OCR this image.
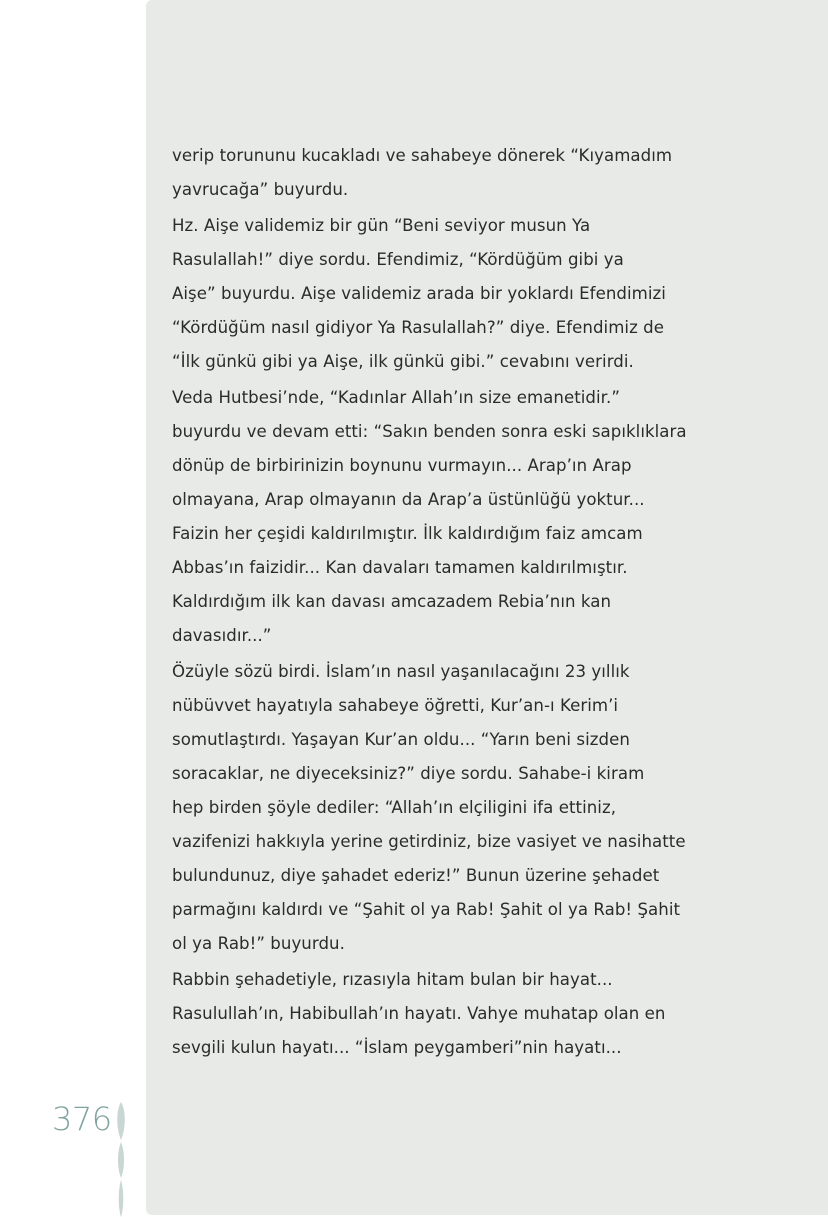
verip torununu kucakladı ve sahabeye dönerek “Kıyamadım
yavrucağa” buyurdu.

Hz. Aişe validemiz bir gün “Beni seviyor musun Ya
Rasulallah!” diye sordu. Efendimiz, “Kördüğüm gibi ya
Aişe” buyurdu. Aişe validemiz arada bir yoklardı Efendimizi
“Kördüğüm nasıl gidiyor Ya Rasulallah?” diye. Efendimiz de
“İlk günkü gibi ya Aişe, ilk günkü gibi.” cevabını verirdi.

Veda Hutbesi’nde, “Kadınlar Allah’ın size emanetidir.”
buyurdu ve devam etti: “Sakın benden sonra eski sapıklıklara
dönüp de birbirinizin boynunu vurmayın... Arap’ın Arap
olmayana, Arap olmayanın da Arap’a üstünlüğü yoktur...
Faizin her çeşidi kaldırılmıştır. İlk kaldırdığım faiz amcam
Abbas’ın faizidir... Kan davaları tamamen kaldırılmıştır.
Kaldırdığım ilk kan davası amcazadem Rebia’nın kan
davasıdır...”

Özüyle sözü birdi. İslam’ın nasıl yaşanılacağını 23 yıllık
nübüvvet hayatıyla sahabeye öğretti, Kur’an-ı Kerim’i
somutlaştırdı. Yaşayan Kur’an oldu... “Yarın beni sizden
soracaklar, ne diyeceksiniz?” diye sordu. Sahabe-i kiram
hep birden şöyle dediler: “Allah’ın elçiligini ifa ettiniz,
vazifenizi hakkıyla yerine getirdiniz, bize vasiyet ve nasihatte
bulundunuz, diye şahadet ederiz!” Bunun üzerine şehadet
parmağını kaldırdı ve “Şahit ol ya Rab! Şahit ol ya Rab! Şahit
ol ya Rab!” buyurdu.

Rabbin şehadetiyle, rızasıyla hitam bulan bir hayat...
Rasulullah’ın, Habibullah’ın hayatı. Vahye muhatap olan en
sevgili kulun hayatı... “İslam peygamberi”nin hayatı...

376
